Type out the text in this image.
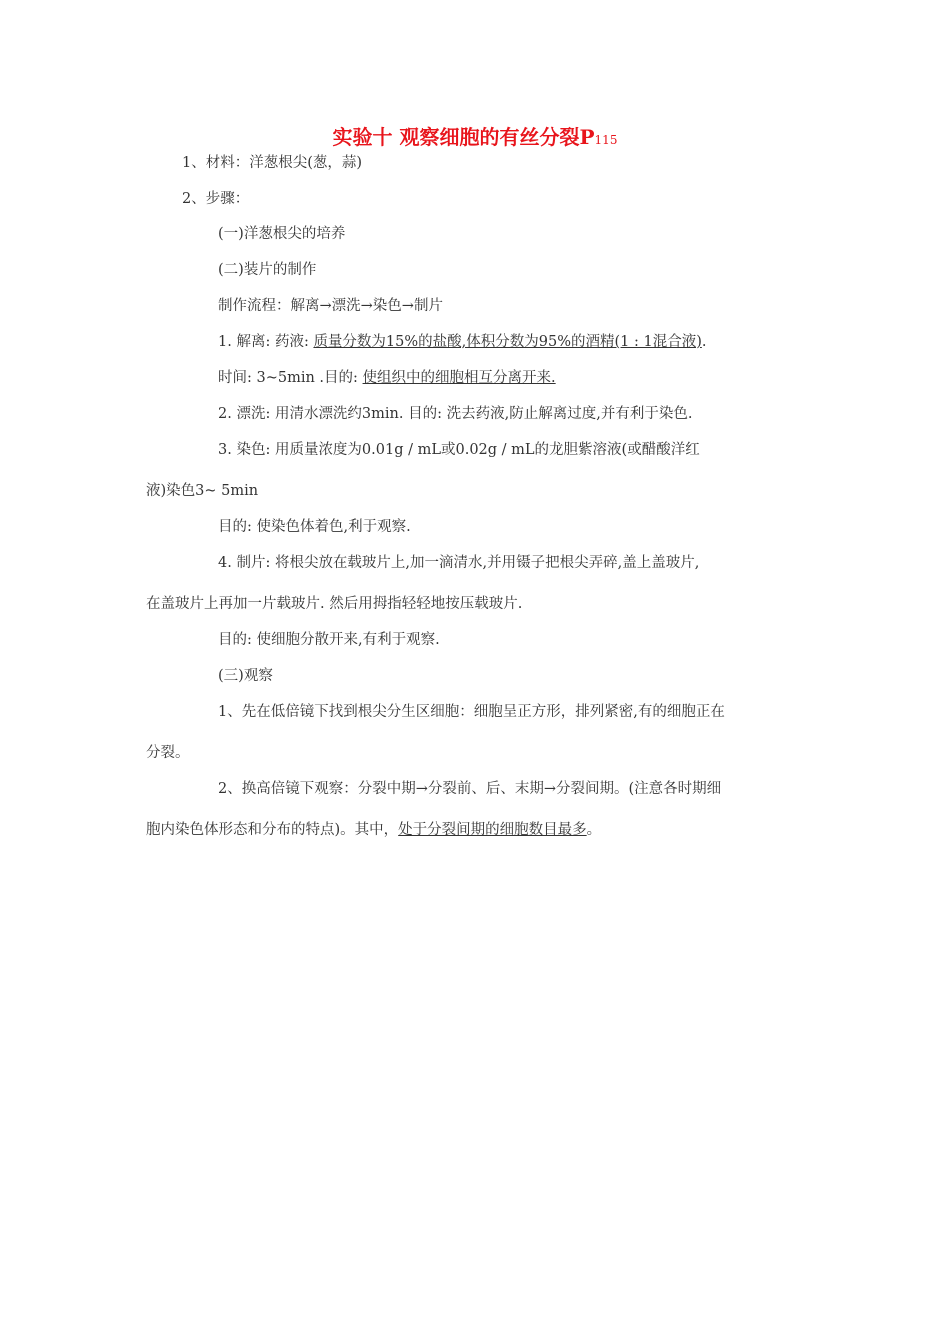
实验十 观察细胞的有丝分裂P115
1、材料：洋葱根尖(葱，蒜)
2、步骤：
(一)洋葱根尖的培养
(二)装片的制作
制作流程：解离→漂洗→染色→制片
1. 解离: 药液: 质量分数为15%的盐酸,体积分数为95%的酒精(1 : 1混合液).
时间: 3~5min .目的: 使组织中的细胞相互分离开来.
2. 漂洗: 用清水漂洗约3min. 目的: 洗去药液,防止解离过度,并有利于染色.
3. 染色: 用质量浓度为0.01g / mL或0.02g / mL的龙胆紫溶液(或醋酸洋红
液)染色3~ 5min
目的: 使染色体着色,利于观察.
4. 制片: 将根尖放在载玻片上,加一滴清水,并用镊子把根尖弄碎,盖上盖玻片,
在盖玻片上再加一片载玻片. 然后用拇指轻轻地按压载玻片.
目的: 使细胞分散开来,有利于观察.
(三)观察
1、先在低倍镜下找到根尖分生区细胞：细胞呈正方形，排列紧密,有的细胞正在
分裂。
2、换高倍镜下观察：分裂中期→分裂前、后、末期→分裂间期。(注意各时期细
胞内染色体形态和分布的特点)。其中，处于分裂间期的细胞数目最多。
